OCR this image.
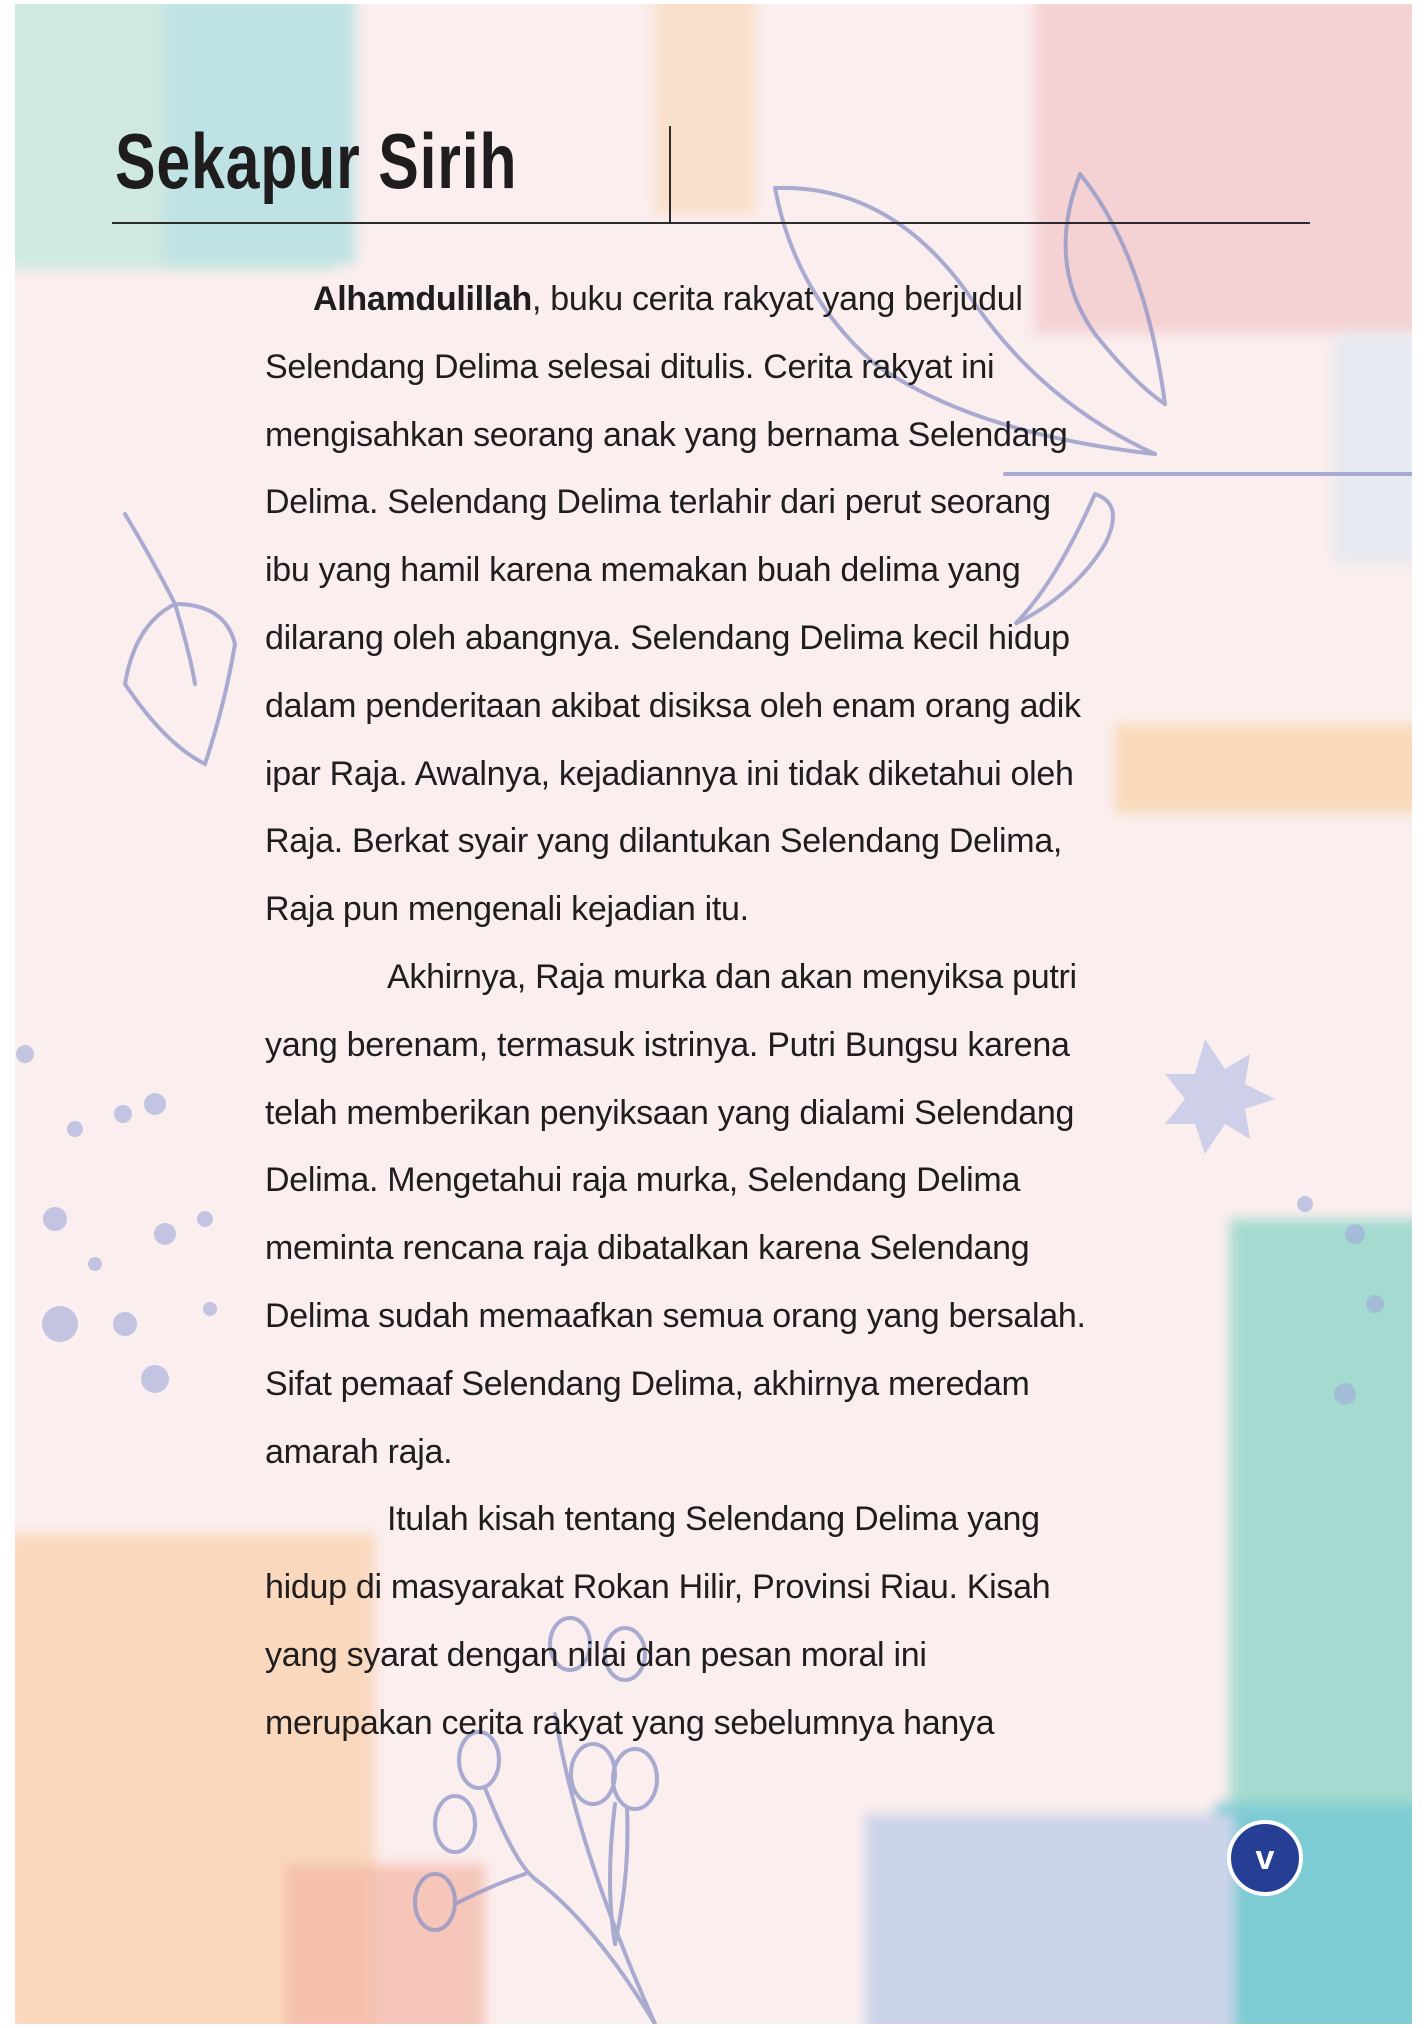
Sekapur Sirih
Alhamdulillah, buku cerita rakyat yang berjudul
Selendang Delima selesai ditulis. Cerita rakyat ini
mengisahkan seorang anak yang bernama Selendang
Delima. Selendang Delima terlahir dari perut seorang
ibu yang hamil karena memakan buah delima yang
dilarang oleh abangnya. Selendang Delima kecil hidup
dalam penderitaan akibat disiksa oleh enam orang adik
ipar Raja. Awalnya, kejadiannya ini tidak diketahui oleh
Raja. Berkat syair yang dilantukan Selendang Delima,
Raja pun mengenali kejadian itu.
Akhirnya, Raja murka dan akan menyiksa putri
yang berenam, termasuk istrinya. Putri Bungsu karena
telah memberikan penyiksaan yang dialami Selendang
Delima. Mengetahui raja murka, Selendang Delima
meminta rencana raja dibatalkan karena Selendang
Delima sudah memaafkan semua orang yang bersalah.
Sifat pemaaf Selendang Delima, akhirnya meredam
amarah raja.
Itulah kisah tentang Selendang Delima yang
hidup di masyarakat Rokan Hilir, Provinsi Riau. Kisah
yang syarat dengan nilai dan pesan moral ini
merupakan cerita rakyat yang sebelumnya hanya
v
